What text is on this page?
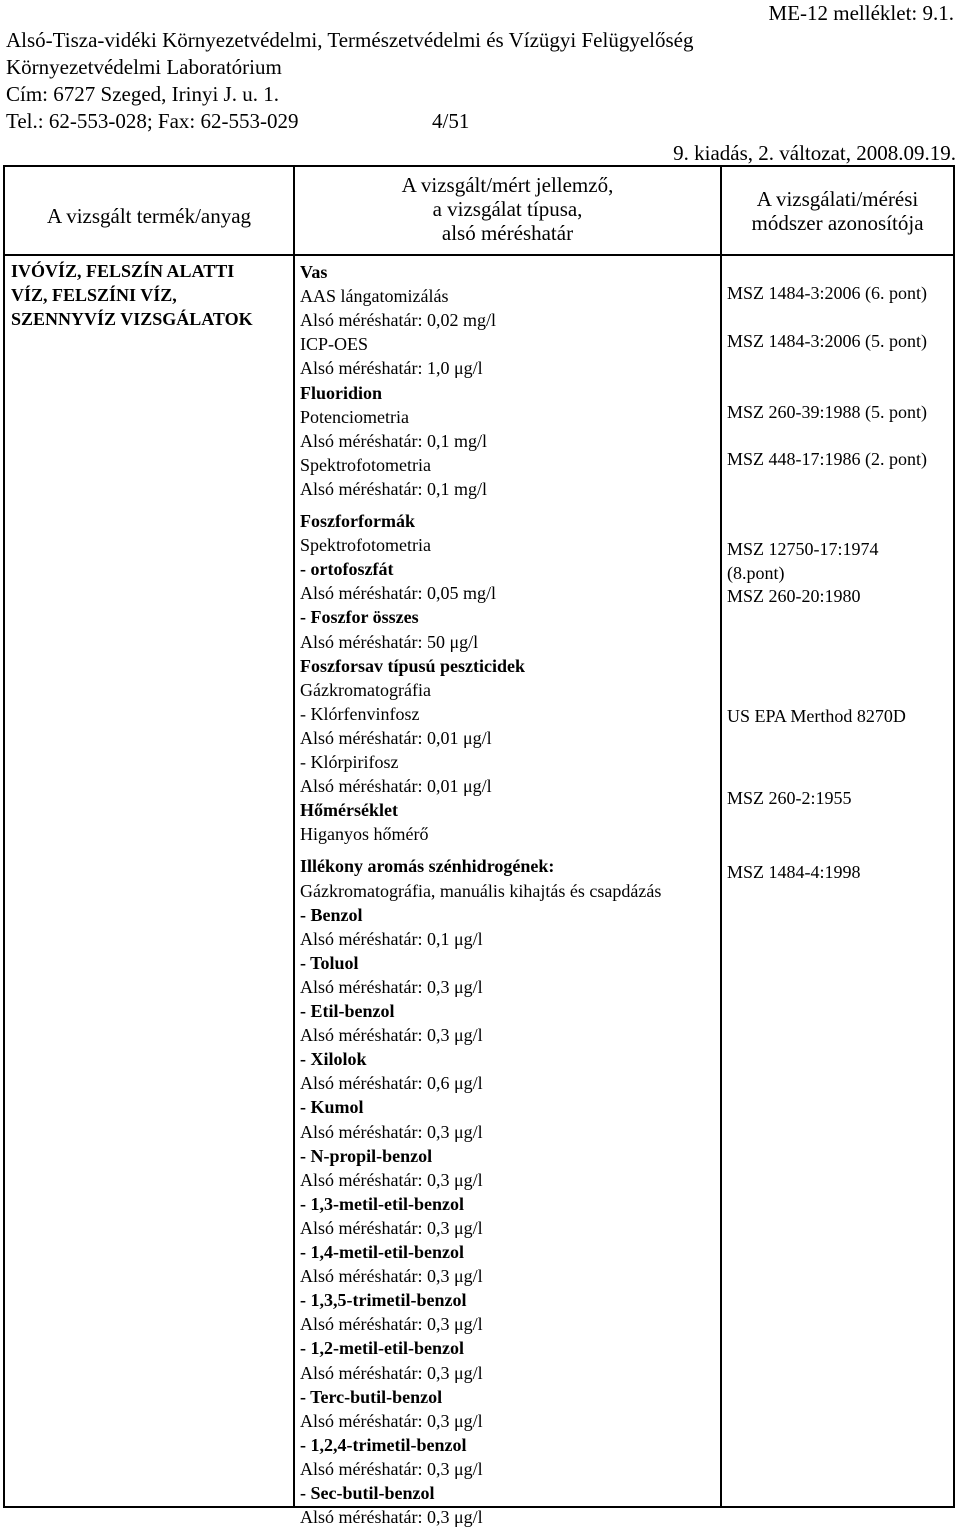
Alsó-Tisza-vidéki Környezetvédelmi, Természetvédelmi és Vízügyi Felügyelőség
Környezetvédelmi Laboratórium
Cím: 6727 Szeged, Irinyi J. u. 1.
Tel.: 62-553-028; Fax: 62-553-029	4/51
ME-12 melléklet: 9.1.
9. kiadás, 2. változat, 2008.09.19.
A vizsgált termék/anyag
A vizsgált/mért jellemző,
a vizsgálat típusa,
alsó méréshatár
A vizsgálati/mérési
módszer azonosítója
IVÓVÍZ, FELSZÍN ALATTI
VÍZ, FELSZÍNI VÍZ,
SZENNYVÍZ VIZSGÁLATOK
Vas
AAS lángatomizálás
Alsó méréshatár: 0,02 mg/l
ICP-OES
Alsó méréshatár: 1,0 μg/l
Fluoridion
Potenciometria
Alsó méréshatár: 0,1 mg/l
Spektrofotometria
Alsó méréshatár: 0,1 mg/l
Foszforformák
Spektrofotometria
- ortofoszfát
Alsó méréshatár: 0,05 mg/l
- Foszfor összes
Alsó méréshatár: 50 μg/l
Foszforsav típusú peszticidek
Gázkromatográfia
- Klórfenvinfosz
Alsó méréshatár: 0,01 μg/l
- Klórpirifosz
Alsó méréshatár: 0,01 μg/l
Hőmérséklet
Higanyos hőmérő
Illékony aromás szénhidrogének:
Gázkromatográfia, manuális kihajtás és csapdázás
- Benzol
Alsó méréshatár: 0,1 μg/l
- Toluol
Alsó méréshatár: 0,3 μg/l
- Etil-benzol
Alsó méréshatár: 0,3 μg/l
- Xilolok
Alsó méréshatár: 0,6 μg/l
- Kumol
Alsó méréshatár: 0,3 μg/l
- N-propil-benzol
Alsó méréshatár: 0,3 μg/l
- 1,3-metil-etil-benzol
Alsó méréshatár: 0,3 μg/l
- 1,4-metil-etil-benzol
Alsó méréshatár: 0,3 μg/l
- 1,3,5-trimetil-benzol
Alsó méréshatár: 0,3 μg/l
- 1,2-metil-etil-benzol
Alsó méréshatár: 0,3 μg/l
- Terc-butil-benzol
Alsó méréshatár: 0,3 μg/l
- 1,2,4-trimetil-benzol
Alsó méréshatár: 0,3 μg/l
- Sec-butil-benzol
Alsó méréshatár: 0,3 μg/l
MSZ 1484-3:2006 (6. pont)
MSZ 1484-3:2006 (5. pont)
MSZ 260-39:1988 (5. pont)
MSZ 448-17:1986 (2. pont)
MSZ 12750-17:1974
(8.pont)
MSZ 260-20:1980
US EPA Merthod 8270D
MSZ 260-2:1955
MSZ 1484-4:1998
